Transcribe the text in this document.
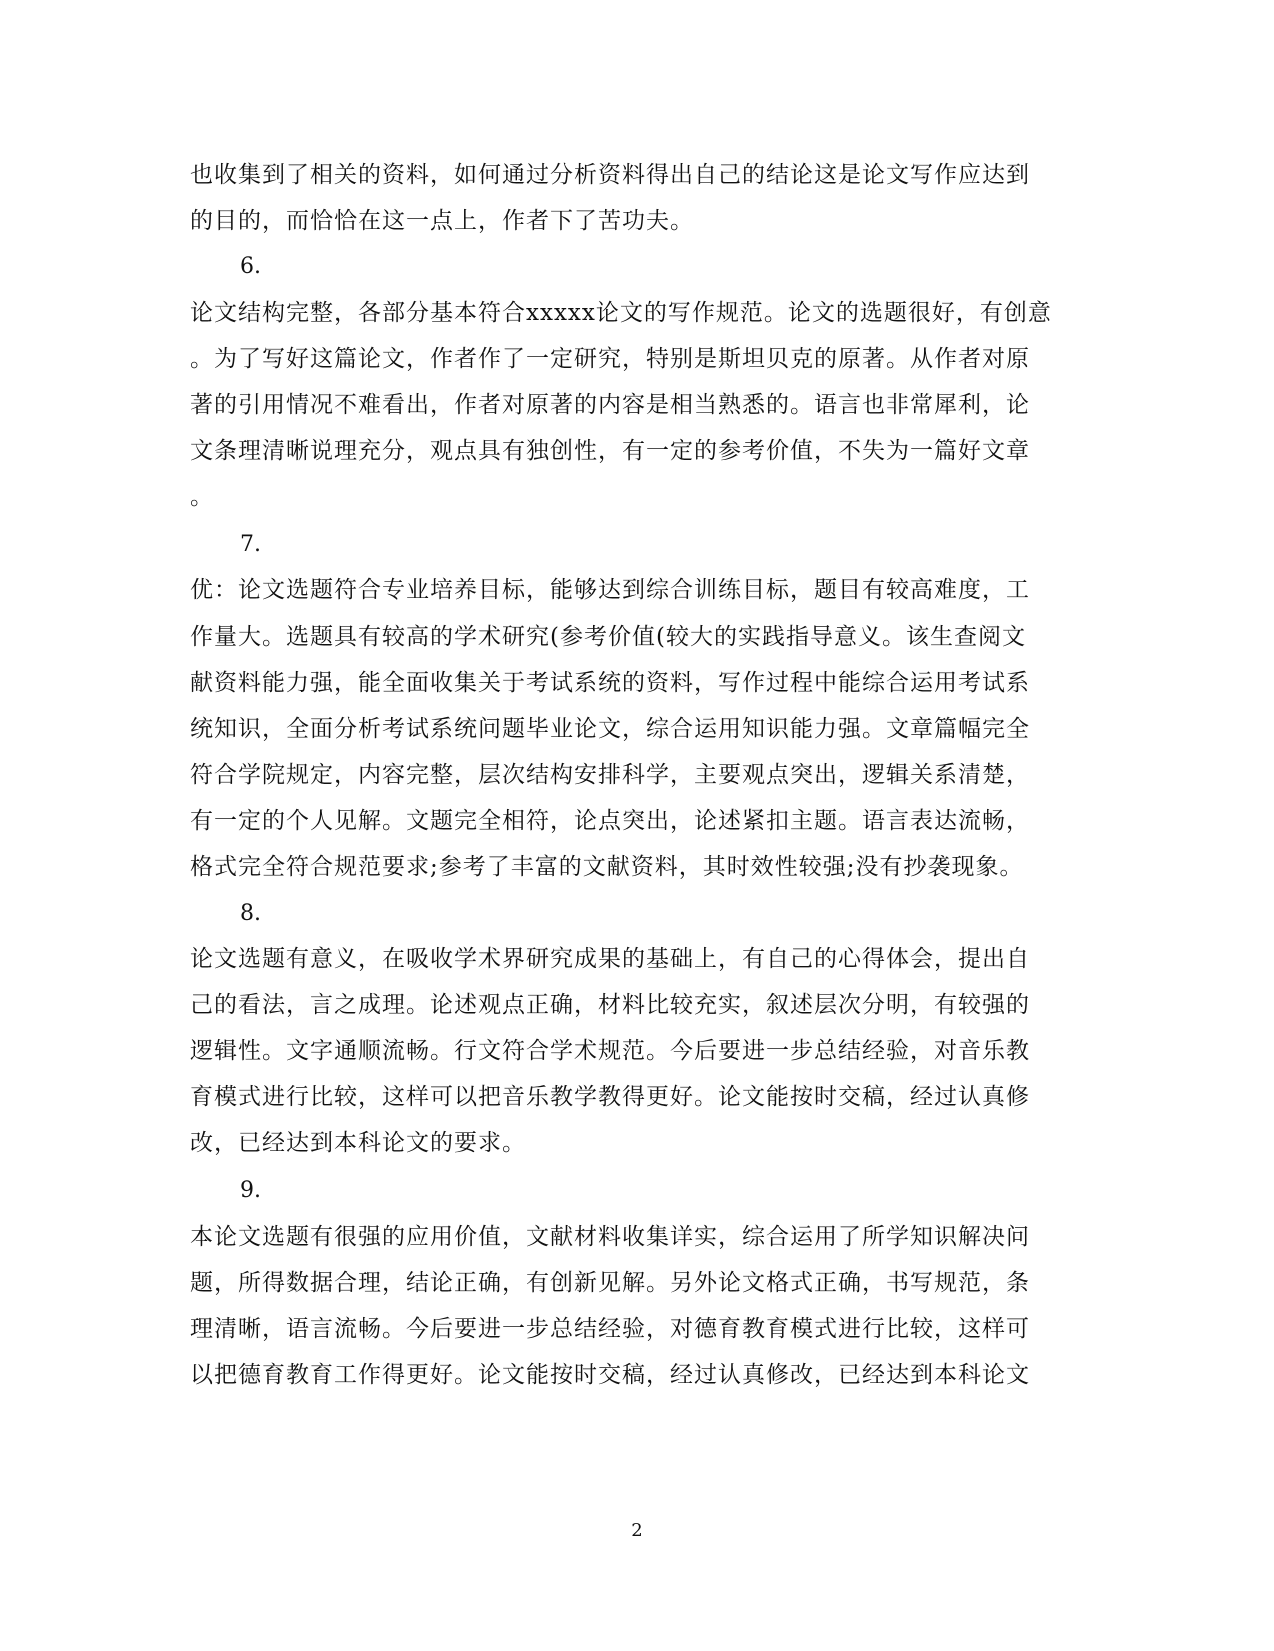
也收集到了相关的资料，如何通过分析资料得出自己的结论这是论文写作应达到
的目的，而恰恰在这一点上，作者下了苦功夫。
6.
论文结构完整，各部分基本符合xxxxx论文的写作规范。论文的选题很好，有创意
。为了写好这篇论文，作者作了一定研究，特别是斯坦贝克的原著。从作者对原
著的引用情况不难看出，作者对原著的内容是相当熟悉的。语言也非常犀利，论
文条理清晰说理充分，观点具有独创性，有一定的参考价值，不失为一篇好文章
。
7.
优：论文选题符合专业培养目标，能够达到综合训练目标，题目有较高难度，工
作量大。选题具有较高的学术研究(参考价值(较大的实践指导意义。该生查阅文
献资料能力强，能全面收集关于考试系统的资料，写作过程中能综合运用考试系
统知识，全面分析考试系统问题毕业论文，综合运用知识能力强。文章篇幅完全
符合学院规定，内容完整，层次结构安排科学，主要观点突出，逻辑关系清楚，
有一定的个人见解。文题完全相符，论点突出，论述紧扣主题。语言表达流畅，
格式完全符合规范要求;参考了丰富的文献资料，其时效性较强;没有抄袭现象。
8.
论文选题有意义，在吸收学术界研究成果的基础上，有自己的心得体会，提出自
己的看法，言之成理。论述观点正确，材料比较充实，叙述层次分明，有较强的
逻辑性。文字通顺流畅。行文符合学术规范。今后要进一步总结经验，对音乐教
育模式进行比较，这样可以把音乐教学教得更好。论文能按时交稿，经过认真修
改，已经达到本科论文的要求。
9.
本论文选题有很强的应用价值，文献材料收集详实，综合运用了所学知识解决问
题，所得数据合理，结论正确，有创新见解。另外论文格式正确，书写规范，条
理清晰，语言流畅。今后要进一步总结经验，对德育教育模式进行比较，这样可
以把德育教育工作得更好。论文能按时交稿，经过认真修改，已经达到本科论文
2
